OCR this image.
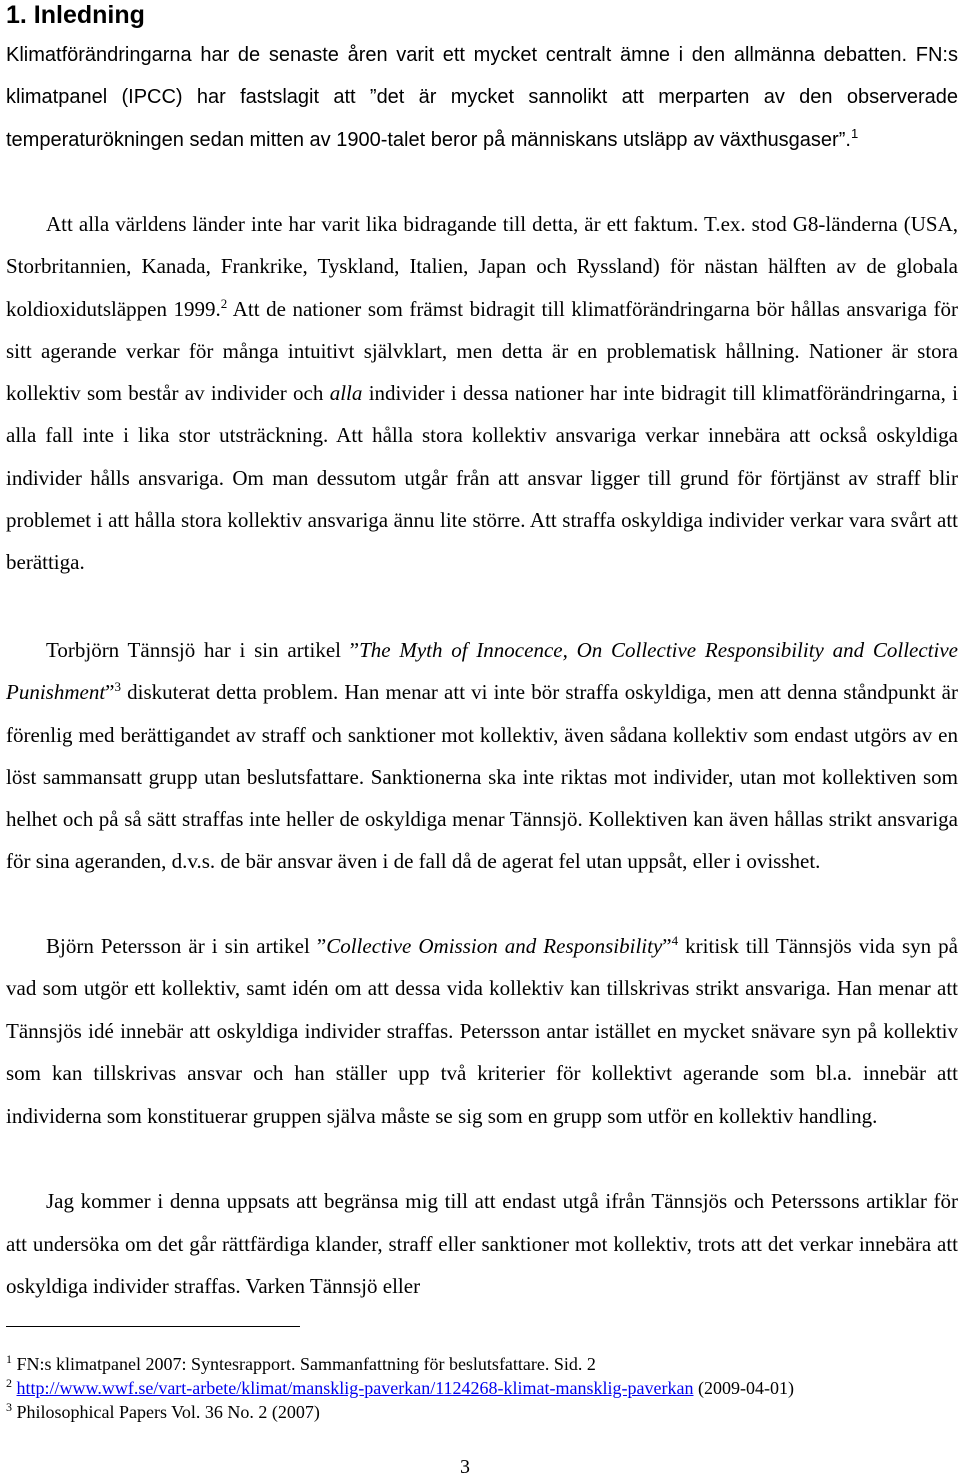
1. Inledning

Klimatförändringarna har de senaste åren varit ett mycket centralt ämne i den allmänna debatten. FN:s klimatpanel (IPCC) har fastslagit att ”det är mycket sannolikt att merparten av den observerade temperaturökningen sedan mitten av 1900-talet beror på människans utsläpp av växthusgaser”.$^1$

Att alla världens länder inte har varit lika bidragande till detta, är ett faktum. T.ex. stod G8-länderna (USA, Storbritannien, Kanada, Frankrike, Tyskland, Italien, Japan och Ryssland) för nästan hälften av de globala koldioxidutsläppen 1999.$^2$ Att de nationer som främst bidragit till klimatförändringarna bör hållas ansvariga för sitt agerande verkar för många intuitivt självklart, men detta är en problematisk hållning. Nationer är stora kollektiv som består av individer och alla individer i dessa nationer har inte bidragit till klimatförändringarna, i alla fall inte i lika stor utsträckning. Att hålla stora kollektiv ansvariga verkar innebära att också oskyldiga individer hålls ansvariga. Om man dessutom utgår från att ansvar ligger till grund för förtjänst av straff blir problemet i att hålla stora kollektiv ansvariga ännu lite större. Att straffa oskyldiga individer verkar vara svårt att berättiga.

Torbjörn Tännsjö har i sin artikel ”The Myth of Innocence, On Collective Responsibility and Collective Punishment”$^3$ diskuterat detta problem. Han menar att vi inte bör straffa oskyldiga, men att denna ståndpunkt är förenlig med berättigandet av straff och sanktioner mot kollektiv, även sådana kollektiv som endast utgörs av en löst sammansatt grupp utan beslutsfattare. Sanktionerna ska inte riktas mot individer, utan mot kollektiven som helhet och på så sätt straffas inte heller de oskyldiga menar Tännsjö. Kollektiven kan även hållas strikt ansvariga för sina ageranden, d.v.s. de bär ansvar även i de fall då de agerat fel utan uppsåt, eller i ovisshet.

Björn Petersson är i sin artikel ”Collective Omission and Responsibility”$^4$ kritisk till Tännsjös vida syn på vad som utgör ett kollektiv, samt idén om att dessa vida kollektiv kan tillskrivas strikt ansvariga. Han menar att Tännsjös idé innebär att oskyldiga individer straffas. Petersson antar istället en mycket snävare syn på kollektiv som kan tillskrivas ansvar och han ställer upp två kriterier för kollektivt agerande som bl.a. innebär att individerna som konstituerar gruppen själva måste se sig som en grupp som utför en kollektiv handling.

Jag kommer i denna uppsats att begränsa mig till att endast utgå ifrån Tännsjös och Peterssons artiklar för att undersöka om det går rättfärdiga klander, straff eller sanktioner mot kollektiv, trots att det verkar innebära att oskyldiga individer straffas. Varken Tännsjö eller

$^1$ FN:s klimatpanel 2007: Syntesrapport. Sammanfattning för beslutsfattare. Sid. 2
$^2$ http://www.wwf.se/vart-arbete/klimat/mansklig-paverkan/1124268-klimat-mansklig-paverkan (2009-04-01)
$^3$ Philosophical Papers Vol. 36 No. 2 (2007)
3
